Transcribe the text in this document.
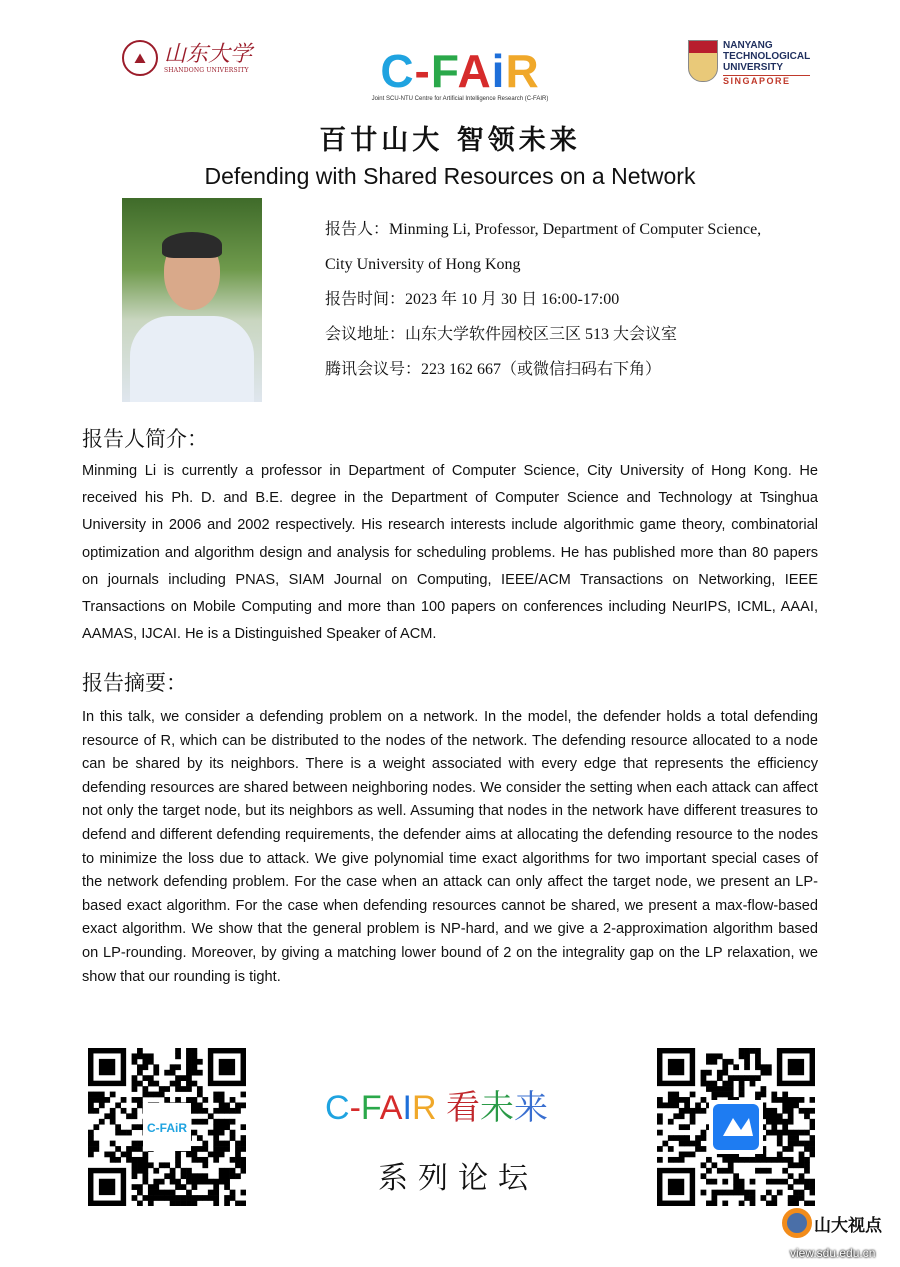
⛰ 山东大学
SHANDONG UNIVERSITY	C-FAiR
Joint SCU-NTU Centre for Artificial Intelligence Research (C-FAIR)
NANYANG
TECHNOLOGICAL
UNIVERSITY
SINGAPORE
百廿山大 智领未来
Defending with Shared Resources on a Network
报告人：Minming Li, Professor, Department of Computer Science,
City University of Hong Kong
报告时间：2023 年 10 月 30 日 16:00-17:00
会议地址：山东大学软件园校区三区 513 大会议室
腾讯会议号：223 162 667（或微信扫码右下角）
报告人简介：
Minming Li is currently a professor in Department of Computer Science, City University of Hong Kong. He received his Ph. D. and B.E. degree in the Department of Computer Science and Technology at Tsinghua University in 2006 and 2002 respectively. His research interests include algorithmic game theory, combinatorial optimization and algorithm design and analysis for scheduling problems. He has published more than 80 papers on journals including PNAS, SIAM Journal on Computing, IEEE/ACM Transactions on Networking, IEEE Transactions on Mobile Computing and more than 100 papers on conferences including NeurIPS, ICML, AAAI, AAMAS, IJCAI. He is a Distinguished Speaker of ACM.
报告摘要：
In this talk, we consider a defending problem on a network. In the model, the defender holds a total defending resource of R, which can be distributed to the nodes of the network. The defending resource allocated to a node can be shared by its neighbors. There is a weight associated with every edge that represents the efficiency defending resources are shared between neighboring nodes. We consider the setting when each attack can affect not only the target node, but its neighbors as well. Assuming that nodes in the network have different treasures to defend and different defending requirements, the defender aims at allocating the defending resource to the nodes to minimize the loss due to attack. We give polynomial time exact algorithms for two important special cases of the network defending problem. For the case when an attack can only affect the target node, we present an LP-based exact algorithm. For the case when defending resources cannot be shared, we present a max-flow-based exact algorithm. We show that the general problem is NP-hard, and we give a 2-approximation algorithm based on LP-rounding. Moreover, by giving a matching lower bound of 2 on the integrality gap on the LP relaxation, we show that our rounding is tight.
C-FAiR
C-FAIR 看未来
系列论坛
山大视点
view.sdu.edu.cn
